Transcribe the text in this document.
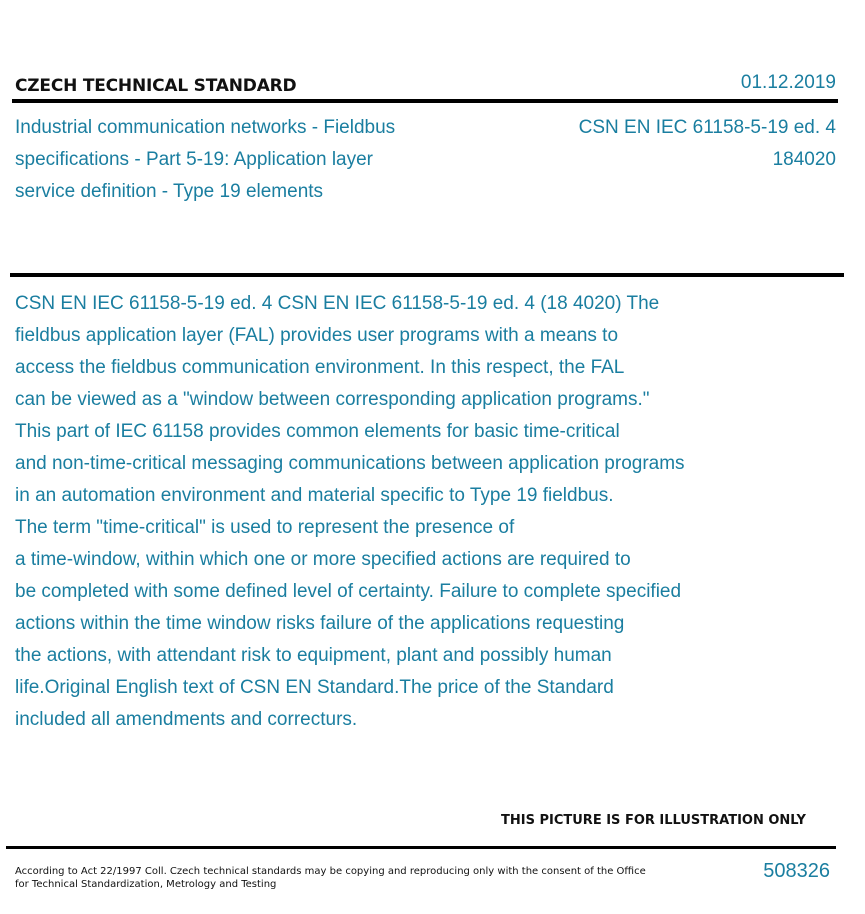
CZECH TECHNICAL STANDARD	01.12.2019
Industrial communication networks - Fieldbus
specifications - Part 5-19: Application layer
service definition - Type 19 elements
CSN EN IEC 61158-5-19 ed. 4
184020
CSN EN IEC 61158-5-19 ed. 4 CSN EN IEC 61158-5-19 ed. 4 (18 4020) The
fieldbus application layer (FAL) provides user programs with a means to
access the fieldbus communication environment. In this respect, the FAL
can be viewed as a "window between corresponding application programs."
This part of IEC 61158 provides common elements for basic time-critical
and non-time-critical messaging communications between application programs
in an automation environment and material specific to Type 19 fieldbus.
The term "time-critical" is used to represent the presence of
a time-window, within which one or more specified actions are required to
be completed with some defined level of certainty. Failure to complete specified
actions within the time window risks failure of the applications requesting
the actions, with attendant risk to equipment, plant and possibly human
life.Original English text of CSN EN Standard.The price of the Standard
included all amendments and correcturs.
THIS PICTURE IS FOR ILLUSTRATION ONLY
According to Act 22/1997 Coll. Czech technical standards may be copying and reproducing only with the consent of the Office
for Technical Standardization, Metrology and Testing
508326
